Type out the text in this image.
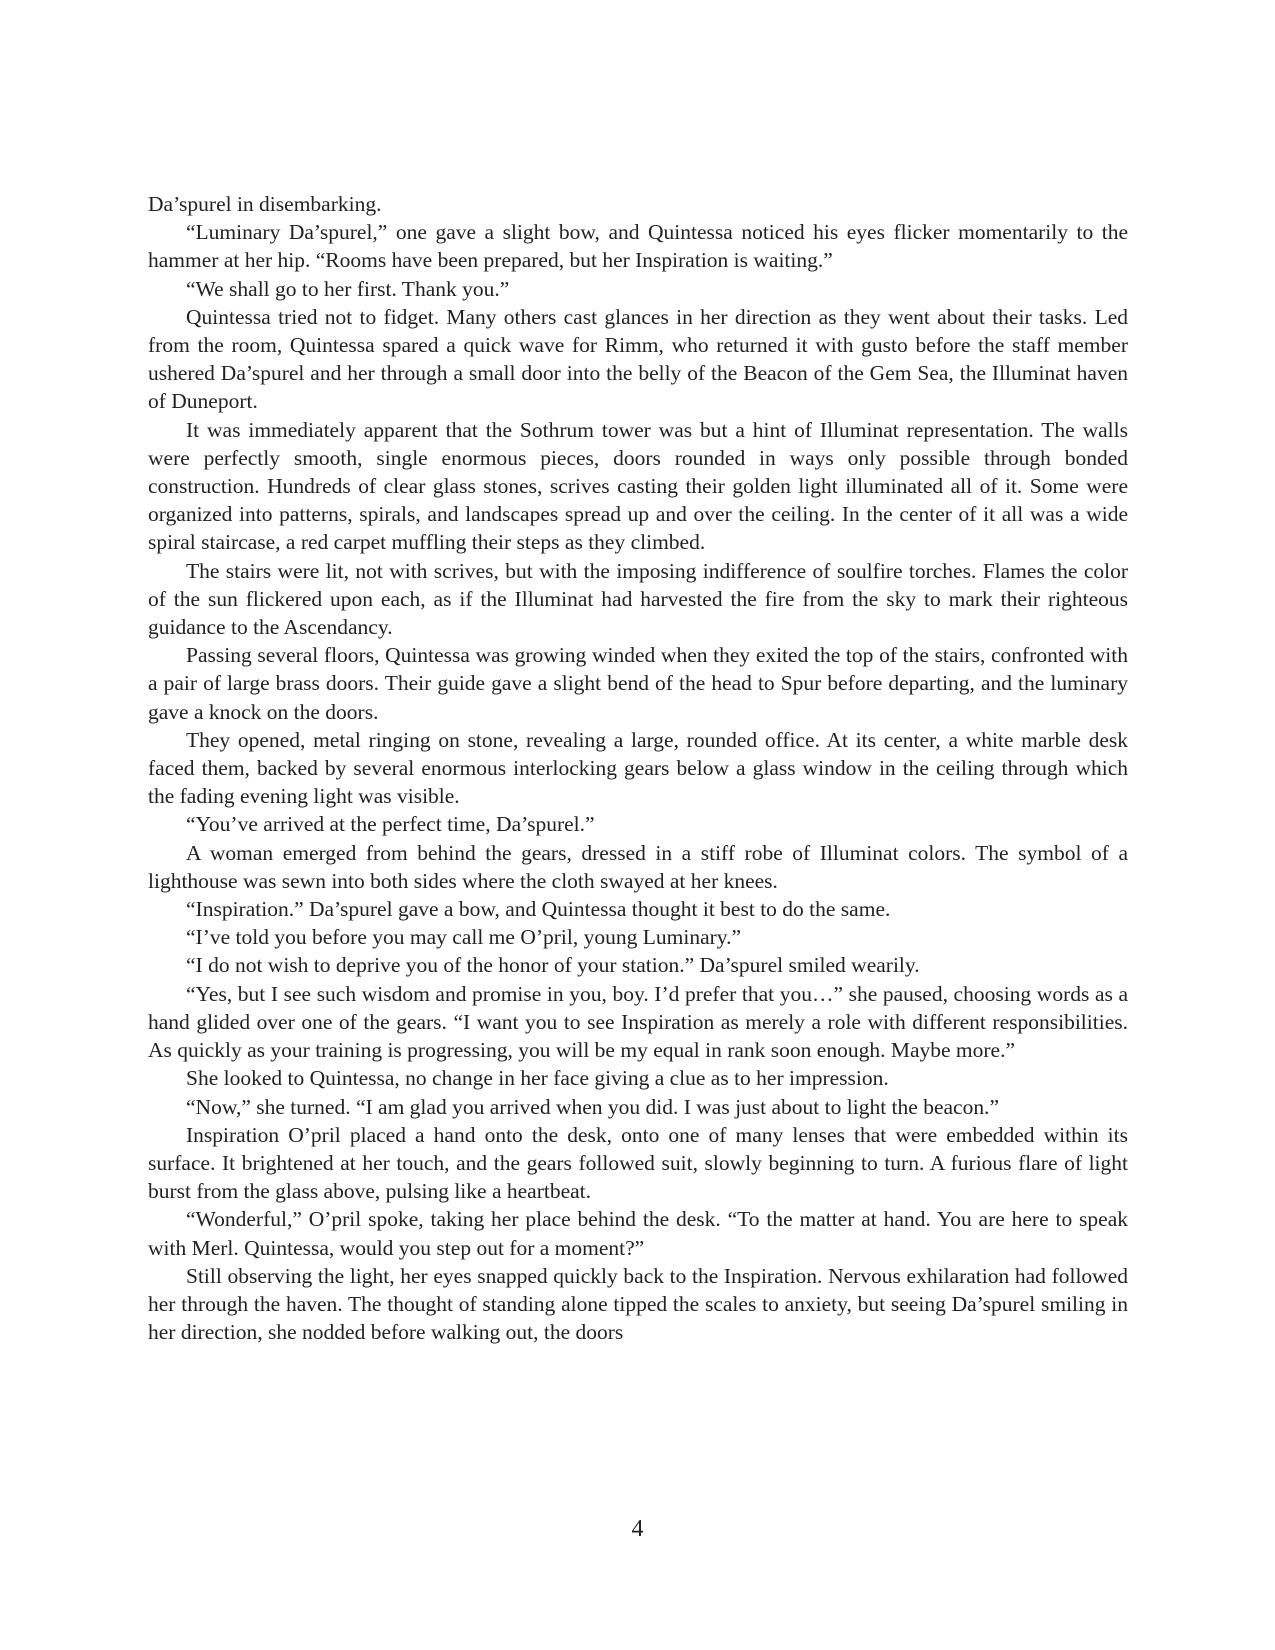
Da’spurel in disembarking.

“Luminary Da’spurel,” one gave a slight bow, and Quintessa noticed his eyes flicker momentarily to the hammer at her hip. “Rooms have been prepared, but her Inspiration is waiting.”

“We shall go to her first. Thank you.”

Quintessa tried not to fidget. Many others cast glances in her direction as they went about their tasks. Led from the room, Quintessa spared a quick wave for Rimm, who returned it with gusto before the staff member ushered Da’spurel and her through a small door into the belly of the Beacon of the Gem Sea, the Illuminat haven of Duneport.

It was immediately apparent that the Sothrum tower was but a hint of Illuminat representation. The walls were perfectly smooth, single enormous pieces, doors rounded in ways only possible through bonded construction. Hundreds of clear glass stones, scrives casting their golden light illuminated all of it. Some were organized into patterns, spirals, and landscapes spread up and over the ceiling. In the center of it all was a wide spiral staircase, a red carpet muffling their steps as they climbed.

The stairs were lit, not with scrives, but with the imposing indifference of soulfire torches. Flames the color of the sun flickered upon each, as if the Illuminat had harvested the fire from the sky to mark their righteous guidance to the Ascendancy.

Passing several floors, Quintessa was growing winded when they exited the top of the stairs, confronted with a pair of large brass doors. Their guide gave a slight bend of the head to Spur before departing, and the luminary gave a knock on the doors.

They opened, metal ringing on stone, revealing a large, rounded office. At its center, a white marble desk faced them, backed by several enormous interlocking gears below a glass window in the ceiling through which the fading evening light was visible.

“You’ve arrived at the perfect time, Da’spurel.”

A woman emerged from behind the gears, dressed in a stiff robe of Illuminat colors. The symbol of a lighthouse was sewn into both sides where the cloth swayed at her knees.

“Inspiration.” Da’spurel gave a bow, and Quintessa thought it best to do the same.

“I’ve told you before you may call me O’pril, young Luminary.”

“I do not wish to deprive you of the honor of your station.” Da’spurel smiled wearily.

“Yes, but I see such wisdom and promise in you, boy. I’d prefer that you…” she paused, choosing words as a hand glided over one of the gears. “I want you to see Inspiration as merely a role with different responsibilities. As quickly as your training is progressing, you will be my equal in rank soon enough. Maybe more.”

She looked to Quintessa, no change in her face giving a clue as to her impression.

“Now,” she turned. “I am glad you arrived when you did. I was just about to light the beacon.”

Inspiration O’pril placed a hand onto the desk, onto one of many lenses that were embedded within its surface. It brightened at her touch, and the gears followed suit, slowly beginning to turn. A furious flare of light burst from the glass above, pulsing like a heartbeat.

“Wonderful,” O’pril spoke, taking her place behind the desk. “To the matter at hand. You are here to speak with Merl. Quintessa, would you step out for a moment?”

Still observing the light, her eyes snapped quickly back to the Inspiration. Nervous exhilaration had followed her through the haven. The thought of standing alone tipped the scales to anxiety, but seeing Da’spurel smiling in her direction, she nodded before walking out, the doors

4
